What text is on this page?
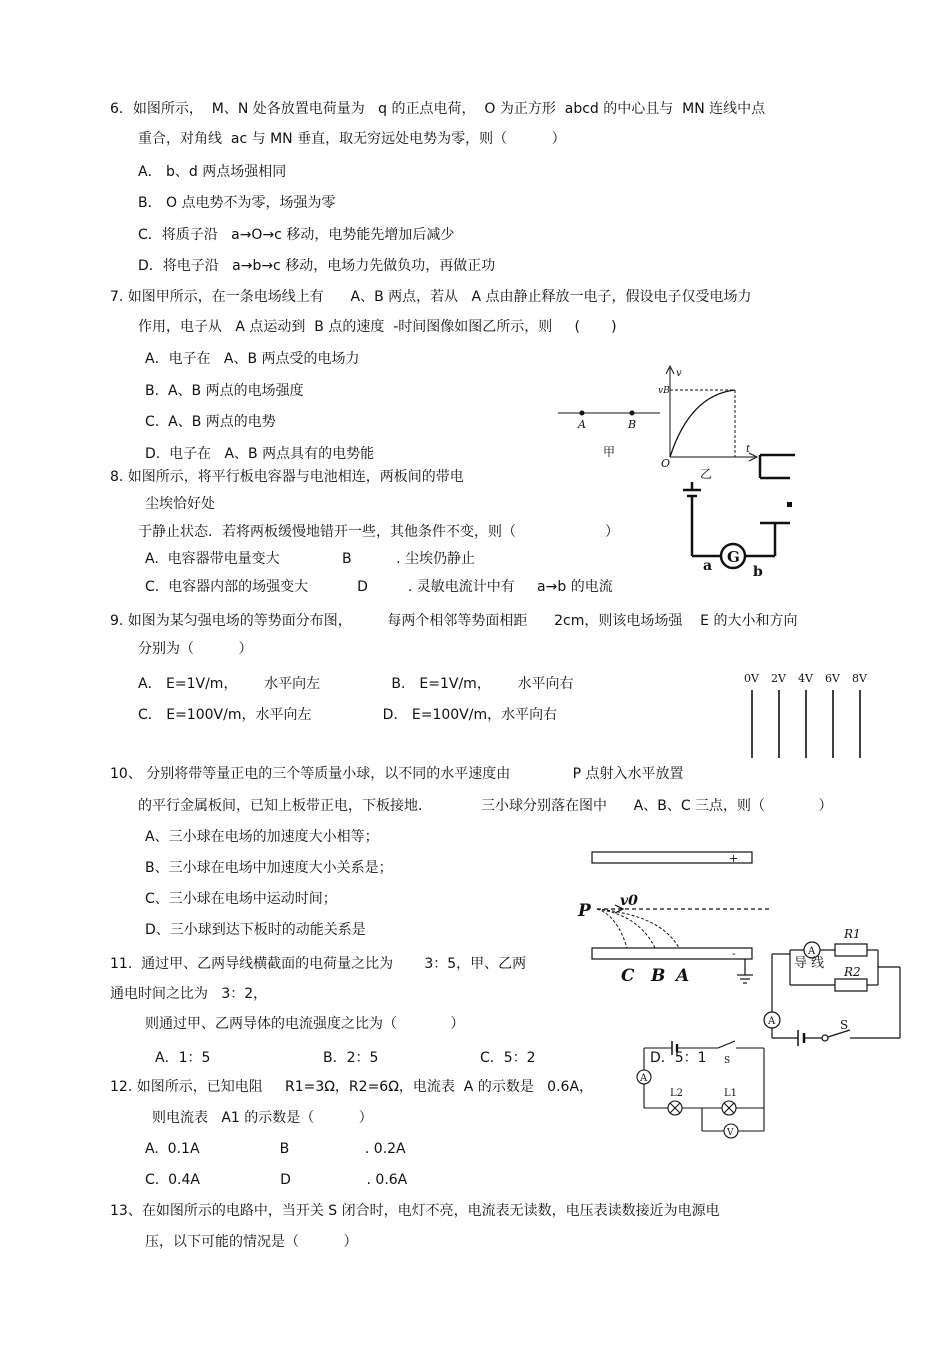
6．如图所示，  M、N 处各放置电荷量为   q 的正点电荷，  O 为正方形  abcd 的中心且与  MN 连线中点
重合，对角线  ac 与 MN 垂直，取无穷远处电势为零，则（          ）
A． b、d 两点场强相同
B． O 点电势不为零，场强为零
C．将质子沿   a→O→c 移动，电势能先增加后减少
D．将电子沿   a→b→c 移动，电场力先做负功，再做正功
7. 如图甲所示，在一条电场线上有      A、B 两点，若从   A 点由静止释放一电子，假设电子仅受电场力
作用，电子从   A 点运动到  B 点的速度  -时间图像如图乙所示，则     (       )
A．电子在   A、B 两点受的电场力
B.  A、B 两点的电场强度
C.  A、B 两点的电势
D.  电子在   A、B 两点具有的电势能
A	B
甲
v
vB
t
O
乙
8. 如图所示，将平行板电容器与电池相连，两板间的带电
尘埃恰好处
于静止状态．若将两板缓慢地错开一些，其他条件不变，则（                    ）
A.  电容器带电量变大              B          . 尘埃仍静止
C.  电容器内部的场强变大           D         . 灵敏电流计中有     a→b 的电流
G
a	b
9. 如图为某匀强电场的等势面分布图，        每两个相邻等势面相距      2cm，则该电场场强    E 的大小和方向
分别为（          ）
A． E=1V/m，      水平向左                B． E=1V/m，      水平向右
C． E=100V/m，水平向左                D． E=100V/m，水平向右
0V 2V 4V 6V 8V
10、 分别将带等量正电的三个等质量小球，以不同的水平速度由              P 点射入水平放置
的平行金属板间，已知上板带正电，下板接地．           三小球分别落在图中      A、B、C 三点，则（            ）
A、三小球在电场的加速度大小相等；
B、三小球在电场中加速度大小关系是；
C、三小球在电场中运动时间；
D、三小球到达下板时的动能关系是
+
-
P v0
C B A
A
A
R1
R2
S
导 线
11.  通过甲、乙两导线横截面的电荷量之比为       3：5，甲、乙两
通电时间之比为   3：2，
则通过甲、乙两导体的电流强度之比为（            ）
A．1：5	B．2：5	C．5：2	D．5：1 S
A
V
L2	L1
12. 如图所示，已知电阻     R1=3Ω，R2=6Ω，电流表  A 的示数是   0.6A，
则电流表   A1 的示数是（          ）
A.  0.1A                  B                 . 0.2A
C.  0.4A                  D                 . 0.6A
13、在如图所示的电路中，当开关 S 闭合时，电灯不亮，电流表无读数，电压表读数接近为电源电
压，以下可能的情况是（          ）
